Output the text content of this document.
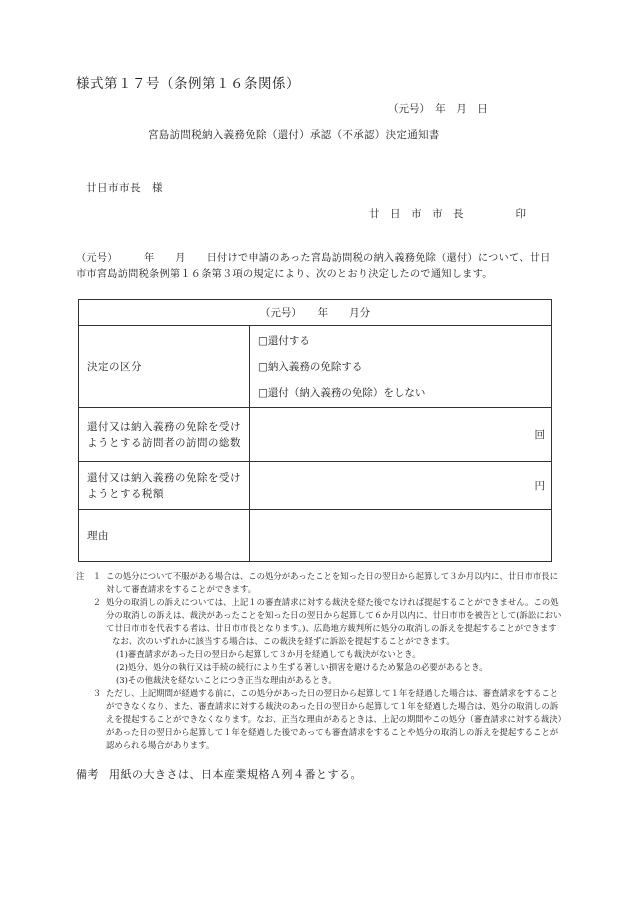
様式第１７号（条例第１６条関係）
（元号）　年　月　日
宮島訪問税納入義務免除（還付）承認（不承認）決定通知書
廿日市市長　様
廿　日　市　市　長	印
（元号）　　　年　　月　　日付けで申請のあった宮島訪問税の納入義務免除（還付）について、廿日市市宮島訪問税条例第１６条第３項の規定により、次のとおり決定したので通知します。
（元号）　　年　　月分	
決定の区分	□還付する
□納入義務の免除する
□還付（納入義務の免除）をしない

還付又は納入義務の免除を受けようとする訪問者の訪問の総数	回
還付又は納入義務の免除を受けようとする税額	円
理由	
注　 １ この処分について不服がある場合は、この処分があったことを知った日の翌日から起算して３か月以内に、廿日市市長に対して審査請求をすることができます。
　　２ 処分の取消しの訴えについては、上記１の審査請求に対する裁決を経た後でなければ提起することができません。この処分の取消しの訴えは、裁決があったことを知った日の翌日から起算して６か月以内に、廿日市市を被告として(訴訟において廿日市市を代表する者は、廿日市市長となります。)、広島地方裁判所に処分の取消しの訴えを提起することができます
なお、次のいずれかに該当する場合は、この裁決を経ずに訴訟を提起することができます。
(1)審査請求があった日の翌日から起算して３か月を経過しても裁決がないとき。
(2)処分、処分の執行又は手続の続行により生ずる著しい損害を避けるため緊急の必要があるとき。
(3)その他裁決を経ないことにつき正当な理由があるとき。
　　３ ただし、上記期間が経過する前に、この処分があった日の翌日から起算して１年を経過した場合は、審査請求をすることができなくなり、また、審査請求に対する裁決のあった日の翌日から起算して１年を経過した場合は、処分の取消しの訴えを提起することができなくなります。なお、正当な理由があるときは、上記の期間やこの処分（審査請求に対する裁決）があった日の翌日から起算して１年を経過した後であっても審査請求をすることや処分の取消しの訴えを提起することが認められる場合があります。
備考 用紙の大きさは、日本産業規格Ａ列４番とする。
